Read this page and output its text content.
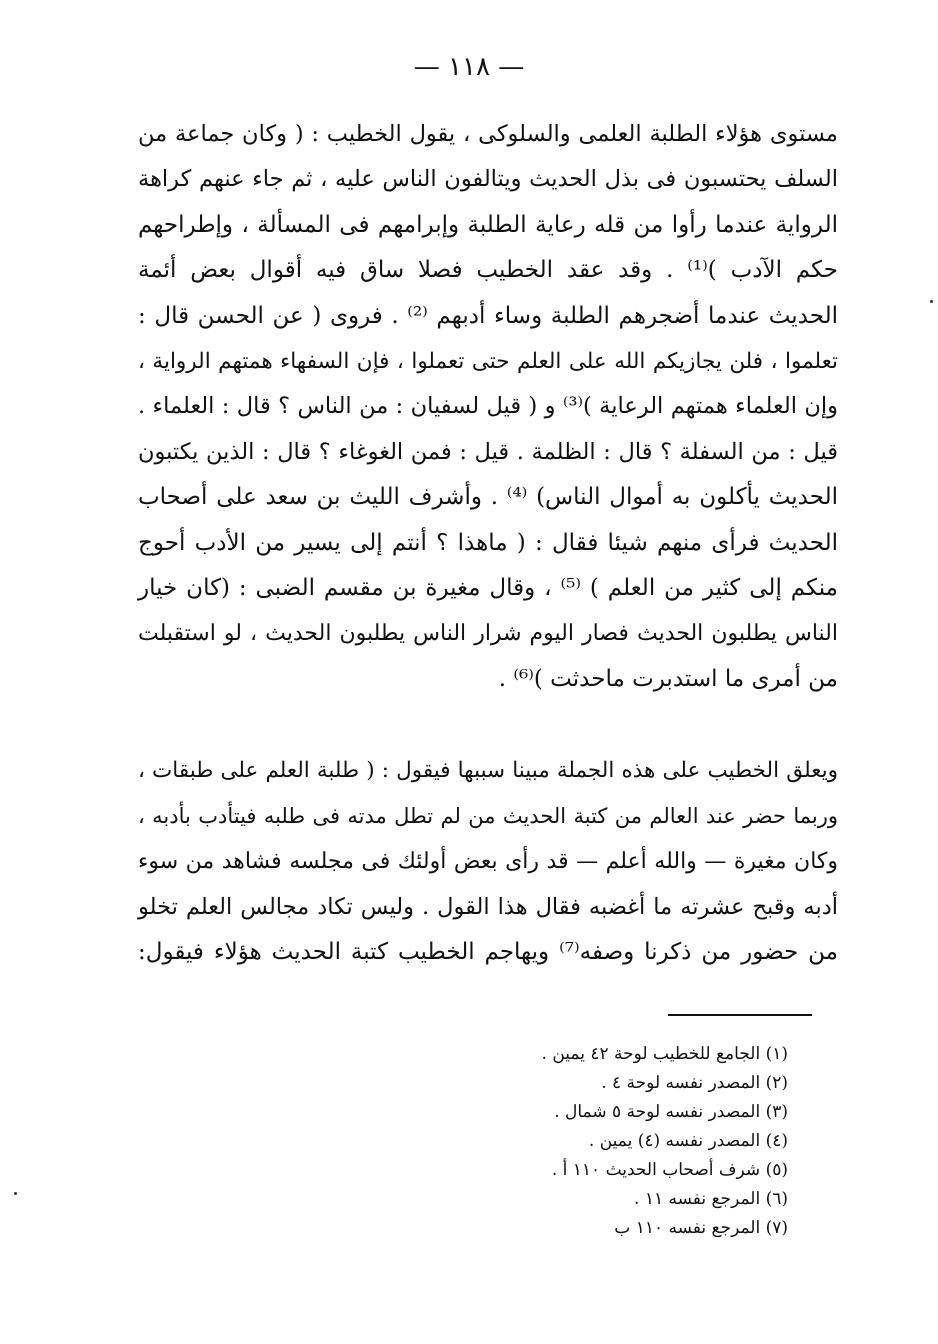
— ١١٨ —
مستوى هؤلاء الطلبة العلمى والسلوكى ، يقول الخطيب : ( وكان جماعة من
السلف يحتسبون فى بذل الحديث ويتالفون الناس عليه ، ثم جاء عنهم كراهة
الرواية عندما رأوا من قله رعاية الطلبة وإبرامهم فى المسألة ، وإطراحهم
حكم الآدب )⁽¹⁾ . وقد عقد الخطيب فصلا ساق فيه أقوال بعض أئمة
الحديث عندما أضجرهم الطلبة وساء أدبهم ⁽²⁾ . فروى ( عن الحسن قال :
تعلموا ، فلن يجازيكم الله على العلم حتى تعملوا ، فإن السفهاء همتهم الرواية ،
وإن العلماء همتهم الرعاية )⁽³⁾ و ( قيل لسفيان : من الناس ؟ قال : العلماء .
قيل : من السفلة ؟ قال : الظلمة . قيل : فمن الغوغاء ؟ قال : الذين يكتبون
الحديث يأكلون به أموال الناس) ⁽⁴⁾ . وأشرف الليث بن سعد على أصحاب
الحديث فرأى منهم شيئا فقال : ( ماهذا ؟ أنتم إلى يسير من الأدب أحوج
منكم إلى كثير من العلم ) ⁽⁵⁾ ، وقال مغيرة بن مقسم الضبى : (كان خيار
الناس يطلبون الحديث فصار اليوم شرار الناس يطلبون الحديث ، لو استقبلت
من أمرى ما استدبرت ماحدثت )⁽⁶⁾ .
ويعلق الخطيب على هذه الجملة مبينا سببها فيقول : ( طلبة العلم على طبقات ،
وربما حضر عند العالم من كتبة الحديث من لم تطل مدته فى طلبه فيتأدب بأدبه ،
وكان مغيرة — والله أعلم — قد رأى بعض أولئك فى مجلسه فشاهد من سوء
أدبه وقبح عشرته ما أغضبه فقال هذا القول . وليس تكاد مجالس العلم تخلو
من حضور من ذكرنا وصفه⁽⁷⁾ ويهاجم الخطيب كتبة الحديث هؤلاء فيقول:
(١) الجامع للخطيب لوحة ٤٢ يمين .
(٢) المصدر نفسه لوحة ٤ .
(٣) المصدر نفسه لوحة ٥ شمال .
(٤) المصدر نفسه (٤) يمين .
(٥) شرف أصحاب الحديث ١١٠ أ .
(٦) المرجع نفسه ١١ .
(٧) المرجع نفسه ١١٠ ب
